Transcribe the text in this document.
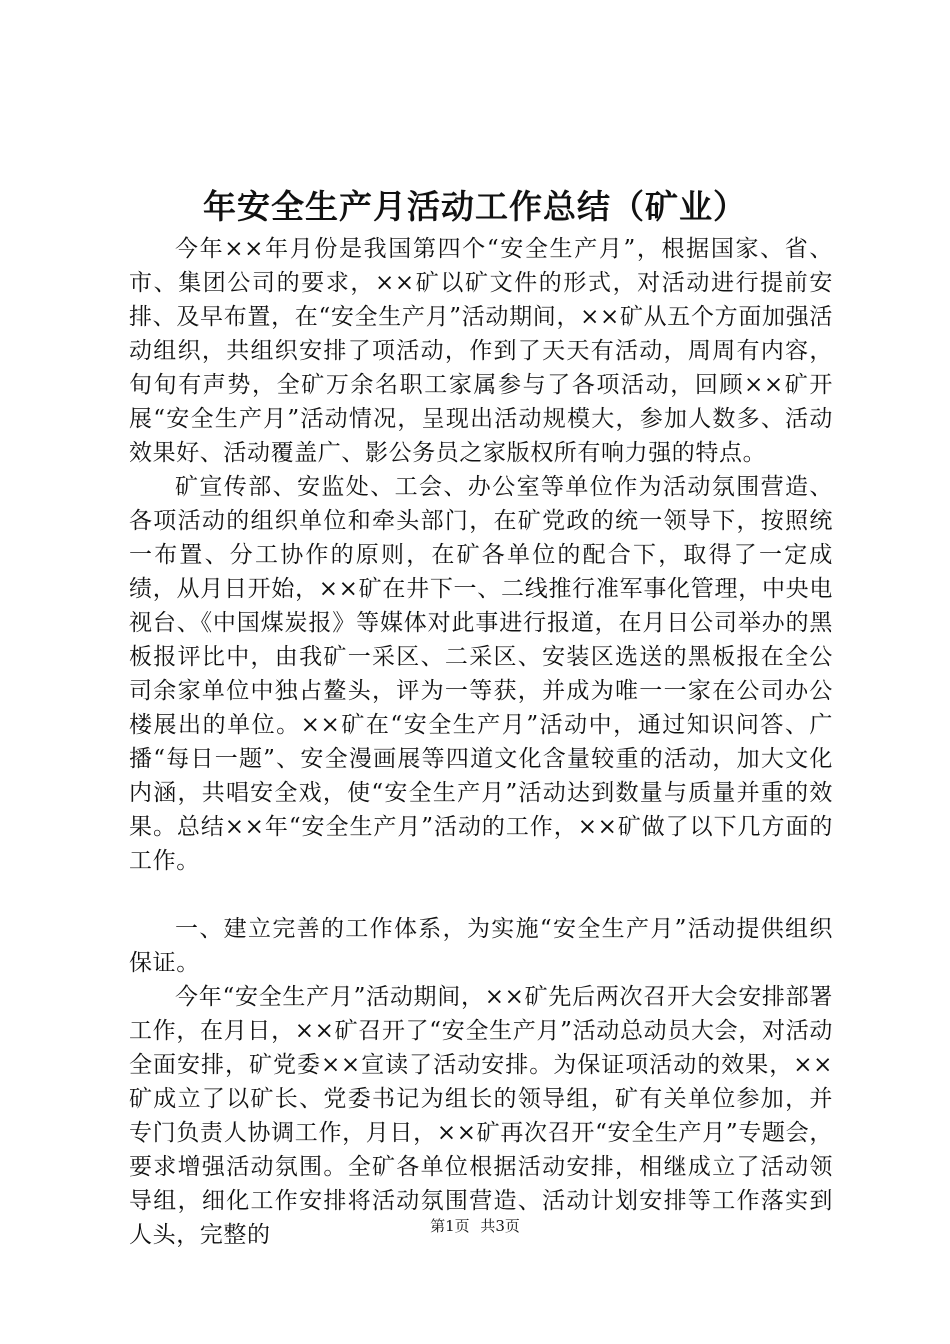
年安全生产月活动工作总结（矿业）

今年××年月份是我国第四个“安全生产月”，根据国家、省、市、集团公司的要求，××矿以矿文件的形式，对活动进行提前安排、及早布置，在“安全生产月”活动期间，××矿从五个方面加强活动组织，共组织安排了项活动，作到了天天有活动，周周有内容，旬旬有声势，全矿万余名职工家属参与了各项活动，回顾××矿开展“安全生产月”活动情况，呈现出活动规模大，参加人数多、活动效果好、活动覆盖广、影公务员之家版权所有响力强的特点。

矿宣传部、安监处、工会、办公室等单位作为活动氛围营造、各项活动的组织单位和牵头部门，在矿党政的统一领导下，按照统一布置、分工协作的原则，在矿各单位的配合下，取得了一定成绩，从月日开始，××矿在井下一、二线推行准军事化管理，中央电视台、《中国煤炭报》等媒体对此事进行报道，在月日公司举办的黑板报评比中，由我矿一采区、二采区、安装区选送的黑板报在全公司余家单位中独占鳌头，评为一等获，并成为唯一一家在公司办公楼展出的单位。××矿在“安全生产月”活动中，通过知识问答、广播“每日一题”、安全漫画展等四道文化含量较重的活动，加大文化内涵，共唱安全戏，使“安全生产月”活动达到数量与质量并重的效果。总结××年“安全生产月”活动的工作，××矿做了以下几方面的工作。

一、建立完善的工作体系，为实施“安全生产月”活动提供组织保证。

今年“安全生产月”活动期间，××矿先后两次召开大会安排部署工作，在月日，××矿召开了“安全生产月”活动总动员大会，对活动全面安排，矿党委××宣读了活动安排。为保证项活动的效果，××矿成立了以矿长、党委书记为组长的领导组，矿有关单位参加，并专门负责人协调工作，月日，××矿再次召开“安全生产月”专题会，要求增强活动氛围。全矿各单位根据活动安排，相继成立了活动领导组，细化工作安排将活动氛围营造、活动计划安排等工作落实到人头，完整的	第1页 共3页
